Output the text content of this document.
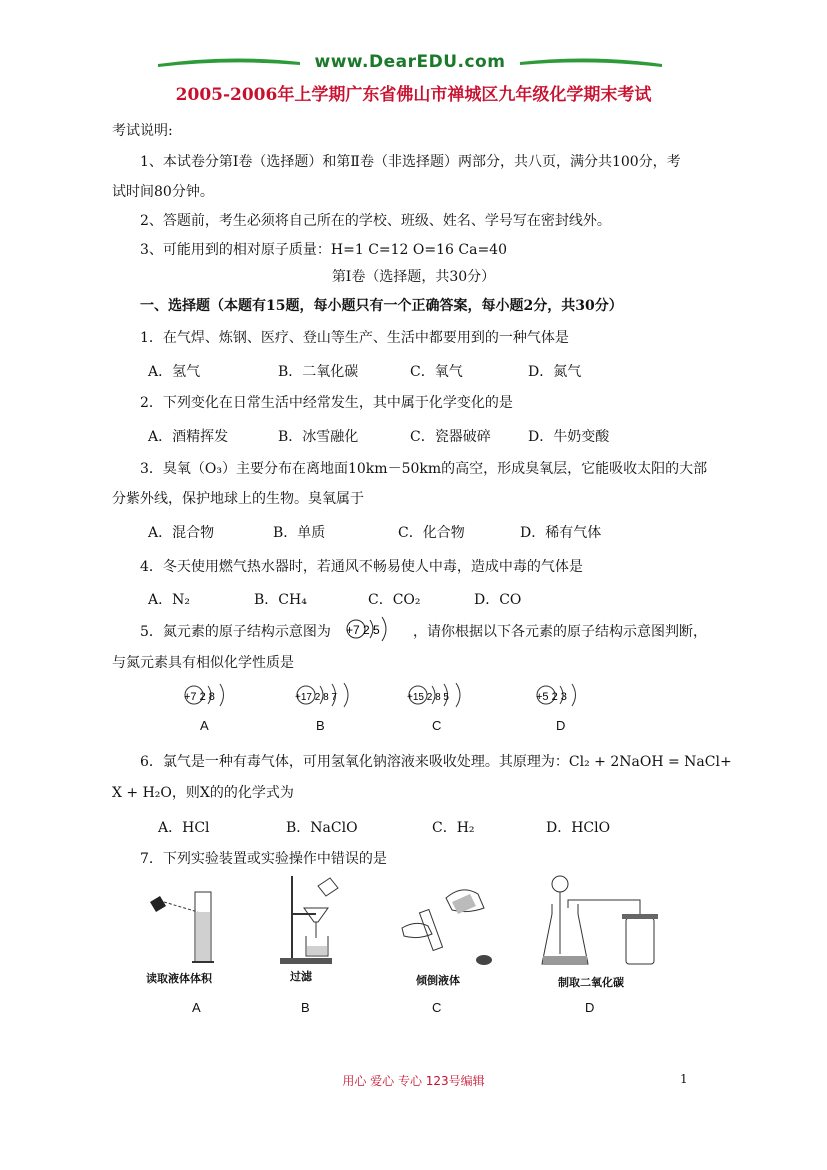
www.DearEDU.com
2005-2006年上学期广东省佛山市禅城区九年级化学期末考试
考试说明:
1、本试卷分第Ⅰ卷（选择题）和第Ⅱ卷（非选择题）两部分，共八页，满分共100分，考
试时间80分钟。
2、答题前，考生必须将自己所在的学校、班级、姓名、学号写在密封线外。
3、可能用到的相对原子质量：H=1 C=12 O=16 Ca=40
第Ⅰ卷（选择题，共30分）
一、选择题（本题有15题，每小题只有一个正确答案，每小题2分，共30分）
1．在气焊、炼钢、医疗、登山等生产、生活中都要用到的一种气体是
A．氢气	B．二氧化碳	C．氧气	D．氮气
2．下列变化在日常生活中经常发生，其中属于化学变化的是
A．酒精挥发	B．冰雪融化	C．瓷器破碎	D．牛奶变酸
3．臭氧（O₃）主要分布在离地面10km－50km的高空，形成臭氧层，它能吸收太阳的大部
分紫外线，保护地球上的生物。臭氧属于
A．混合物	B．单质	C．化合物	D．稀有气体
4．冬天使用燃气热水器时，若通风不畅易使人中毒，造成中毒的气体是
A．N₂	B．CH₄	C．CO₂	D．CO
5．氮元素的原子结构示意图为 +7 2 5 ，请你根据以下各元素的原子结构示意图判断，
与氮元素具有相似化学性质是
+7 2 8	+17 2 8 7	+15 2 8 5	+5 2 3
A	B	C	D
6．氯气是一种有毒气体，可用氢氧化钠溶液来吸收处理。其原理为：Cl₂ + 2NaOH = NaCl+
X + H₂O，则X的的化学式为
A．HCl	B．NaClO	C．H₂	D．HClO
7．下列实验装置或实验操作中错误的是
读取液体体积
A
过滤
B
倾倒液体
C
制取二氧化碳
D
用心 爱心 专心 123号编辑	1
